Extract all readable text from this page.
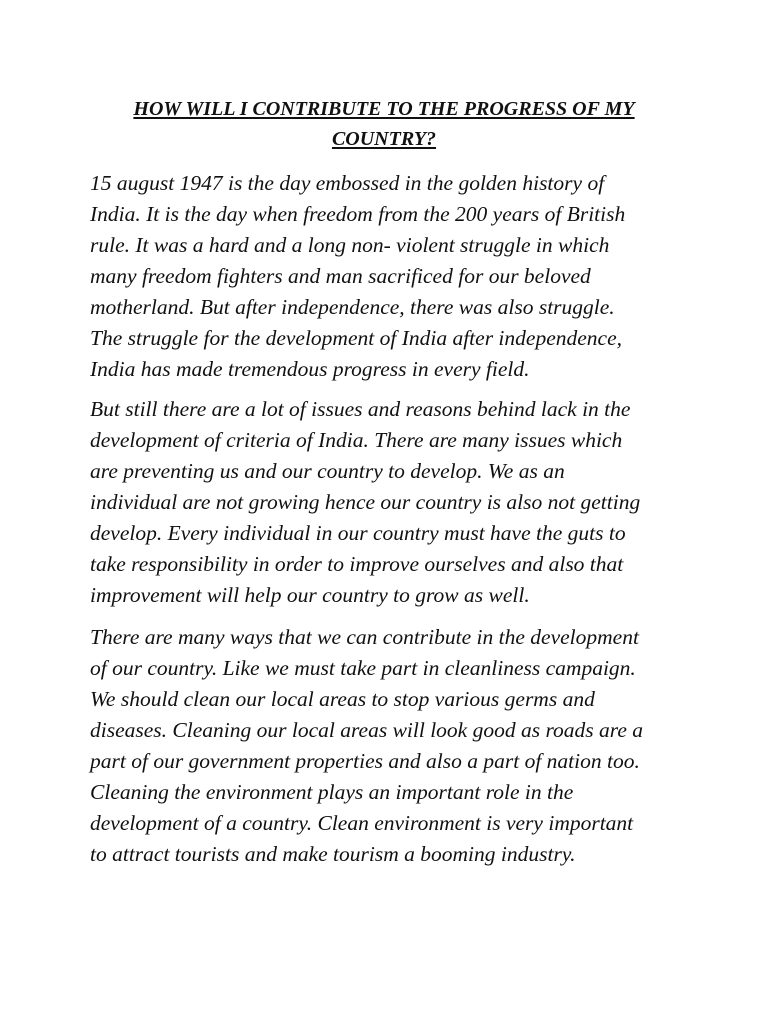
HOW WILL I CONTRIBUTE TO THE PROGRESS OF MY
COUNTRY?

15 august 1947 is the day embossed in the golden history of
India. It is the day when freedom from the 200 years of British
rule. It was a hard and a long non- violent struggle in which
many freedom fighters and man sacrificed for our beloved
motherland. But after independence, there was also struggle.
The struggle for the development of India after independence,
India has made tremendous progress in every field.

But still there are a lot of issues and reasons behind lack in the
development of criteria of India. There are many issues which
are preventing us and our country to develop. We as an
individual are not growing hence our country is also not getting
develop. Every individual in our country must have the guts to
take responsibility in order to improve ourselves and also that
improvement will help our country to grow as well.

There are many ways that we can contribute in the development
of our country. Like we must take part in cleanliness campaign.
We should clean our local areas to stop various germs and
diseases. Cleaning our local areas will look good as roads are a
part of our government properties and also a part of nation too.
Cleaning the environment plays an important role in the
development of a country. Clean environment is very important
to attract tourists and make tourism a booming industry.
